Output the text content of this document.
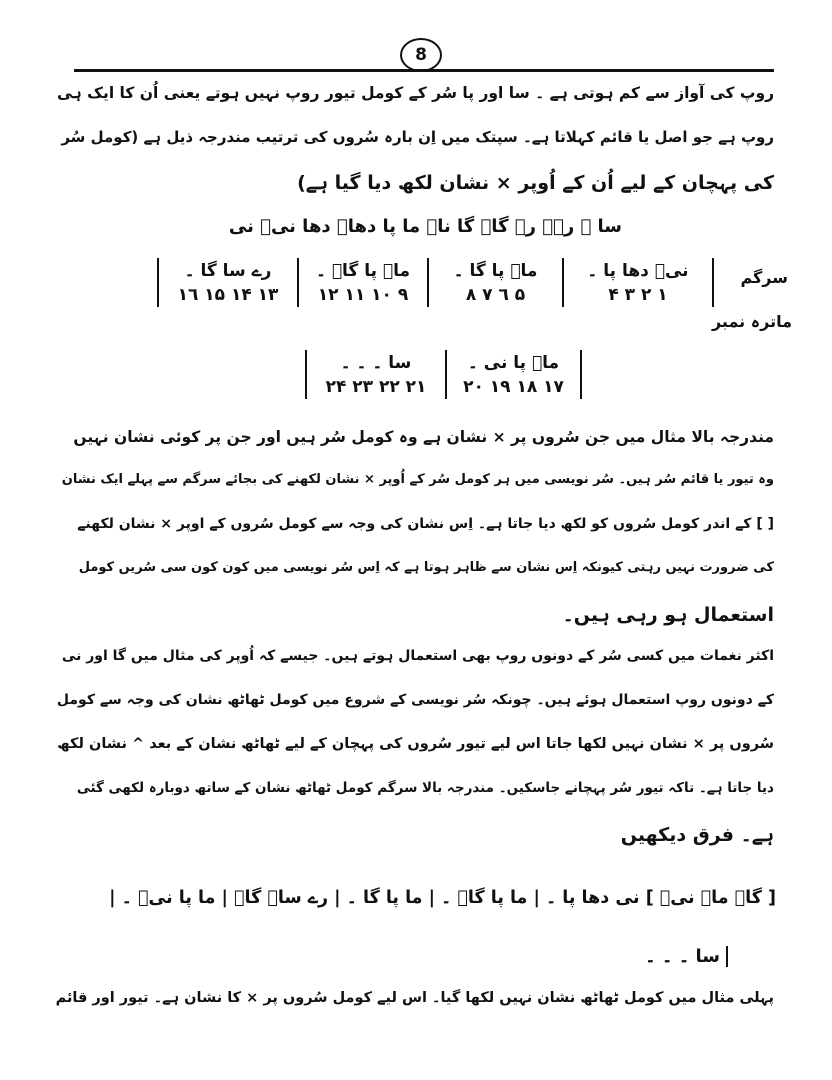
8
روپ کی آواز سے کم ہوتی ہے ۔ سا اور پا سُر کے کومل تیور روپ نہیں ہوتے یعنی اُن کا ایک ہی
روپ ہے جو اصل یا قائم کہلاتا ہے۔ سپتک میں اِن بارہ سُروں کی ترتیب مندرجہ ذیل ہے (کومل سُر
کی پہچان کے لیے اُن کے اُوپر × نشان لکھ دیا گیا ہے)
سا ۔ رےؔ رے گاؔ گا ناؔ ما پا دھاؔ دھا نیؔ نی
سرگم
ماترہ نمبر
نیؔ دھا پا ۔	ماؔ پا گا ۔	ماؔ پا گاؔ ۔	رے سا گا ۔
١ ٢ ٣ ۴	۵ ٦ ٧ ٨	٩ ١٠ ١١ ١٢	١٣ ١۴ ١۵ ١٦
ماؔ پا نی ۔	سا ۔ ۔ ۔
١٧ ١٨ ١٩ ٢٠	٢١ ٢٢ ٢٣ ٢۴
مندرجہ بالا مثال میں جن سُروں پر × نشان ہے وہ کومل سُر ہیں اور جن پر کوئی نشان نہیں
وہ تیور یا قائم سُر ہیں۔ سُر نویسی میں ہر کومل سُر کے اُوپر × نشان لکھنے کی بجائے سرگم سے پہلے ایک نشان
[ ] کے اندر کومل سُروں کو لکھ دیا جاتا ہے۔ اِس نشان کی وجہ سے کومل سُروں کے اوپر × نشان لکھنے
کی ضرورت نہیں رہتی کیونکہ اِس نشان سے ظاہر ہوتا ہے کہ اِس سُر نویسی میں کون کون سی سُریں کومل
استعمال ہو رہی ہیں۔
اکثر نغمات میں کسی سُر کے دونوں روپ بھی استعمال ہوتے ہیں۔ جیسے کہ اُوپر کی مثال میں گا اور نی
کے دونوں روپ استعمال ہوئے ہیں۔ چونکہ سُر نویسی کے شروع میں کومل ٹھاٹھ نشان کی وجہ سے کومل
سُروں پر × نشان نہیں لکھا جاتا اس لیے تیور سُروں کی پہچان کے لیے ٹھاٹھ نشان کے بعد ^ نشان لکھ
دیا جاتا ہے۔ تاکہ تیور سُر پہچانے جاسکیں۔ مندرجہ بالا سرگم کومل ٹھاٹھ نشان کے ساتھ دوبارہ لکھی گئی
ہے۔ فرق دیکھیں
[ گاؔ ماؔ نیؔ ] نی دھا پا ۔ | ما پا گاؔ ۔ | ما پا گا ۔ | رے ساؔ گاؔ | ما پا نیؔ ۔ |
سا ۔ ۔ ۔
پہلی مثال میں کومل ٹھاٹھ نشان نہیں لکھا گیا۔ اس لیے کومل سُروں پر × کا نشان ہے۔ تیور اور قائم
